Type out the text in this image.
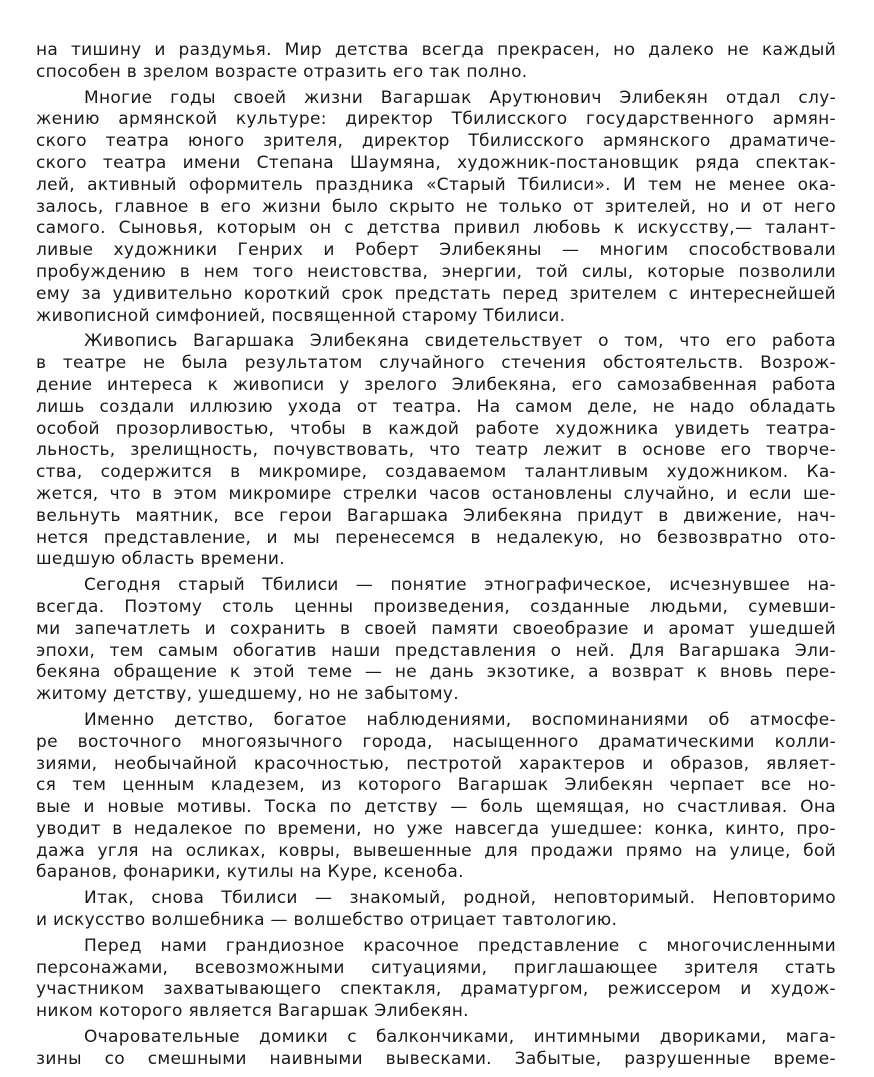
на тишину и раздумья. Мир детства всегда прекрасен, но далеко не каждый
способен в зрелом возрасте отразить его так полно.
Многие годы своей жизни Вагаршак Арутюнович Элибекян отдал слу-
жению армянской культуре: директор Тбилисского государственного армян-
ского театра юного зрителя, директор Тбилисского армянского драматиче-
ского театра имени Степана Шаумяна, художник-постановщик ряда спектак-
лей, активный оформитель праздника «Старый Тбилиси». И тем не менее ока-
залось, главное в его жизни было скрыто не только от зрителей, но и от него
самого. Сыновья, которым он с детства привил любовь к искусству,— талант-
ливые художники Генрих и Роберт Элибекяны — многим способствовали
пробуждению в нем того неистовства, энергии, той силы, которые позволили
ему за удивительно короткий срок предстать перед зрителем с интереснейшей
живописной симфонией, посвященной старому Тбилиси.
Живопись Вагаршака Элибекяна свидетельствует о том, что его работа
в театре не была результатом случайного стечения обстоятельств. Возрож-
дение интереса к живописи у зрелого Элибекяна, его самозабвенная работа
лишь создали иллюзию ухода от театра. На самом деле, не надо обладать
особой прозорливостью, чтобы в каждой работе художника увидеть театра-
льность, зрелищность, почувствовать, что театр лежит в основе его творче-
ства, содержится в микромире, создаваемом талантливым художником. Ка-
жется, что в этом микромире стрелки часов остановлены случайно, и если ше-
вельнуть маятник, все герои Вагаршака Элибекяна придут в движение, нач-
нется представление, и мы перенесемся в недалекую, но безвозвратно ото-
шедшую область времени.
Сегодня старый Тбилиси — понятие этнографическое, исчезнувшее на-
всегда. Поэтому столь ценны произведения, созданные людьми, сумевши-
ми запечатлеть и сохранить в своей памяти своеобразие и аромат ушедшей
эпохи, тем самым обогатив наши представления о ней. Для Вагаршака Эли-
бекяна обращение к этой теме — не дань экзотике, а возврат к вновь пере-
житому детству, ушедшему, но не забытому.
Именно детство, богатое наблюдениями, воспоминаниями об атмосфе-
ре восточного многоязычного города, насыщенного драматическими колли-
зиями, необычайной красочностью, пестротой характеров и образов, являет-
ся тем ценным кладезем, из которого Вагаршак Элибекян черпает все но-
вые и новые мотивы. Тоска по детству — боль щемящая, но счастливая. Она
уводит в недалекое по времени, но уже навсегда ушедшее: конка, кинто, про-
дажа угля на осликах, ковры, вывешенные для продажи прямо на улице, бой
баранов, фонарики, кутилы на Куре, ксеноба.
Итак, снова Тбилиси — знакомый, родной, неповторимый. Неповторимо
и искусство волшебника — волшебство отрицает тавтологию.
Перед нами грандиозное красочное представление с многочисленными
персонажами, всевозможными ситуациями, приглашающее зрителя стать
участником захватывающего спектакля, драматургом, режиссером и худож-
ником которого является Вагаршак Элибекян.
Очаровательные домики с балкончиками, интимными двориками, мага-
зины со смешными наивными вывесками. Забытые, разрушенные време-
